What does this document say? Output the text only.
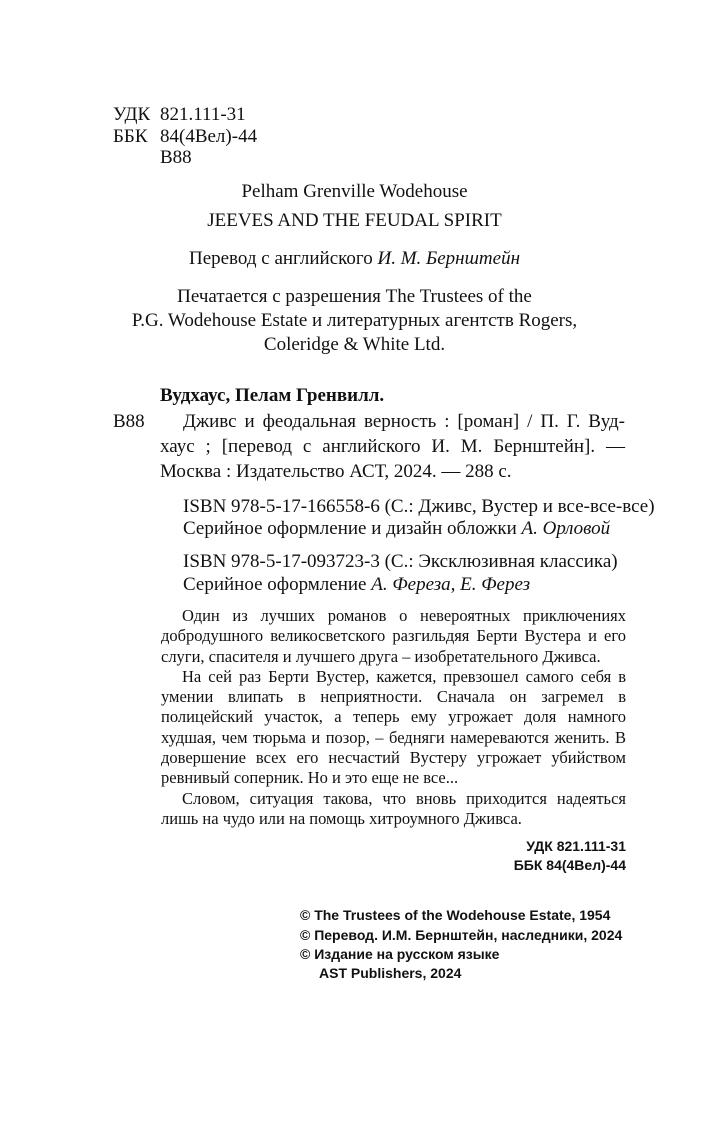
УДК 821.111-31
ББК 84(4Вел)-44
В88
Pelham Grenville Wodehouse
JEEVES AND THE FEUDAL SPIRIT
Перевод с английского И. М. Бернштейн
Печатается с разрешения The Trustees of the
P.G. Wodehouse Estate и литературных агентств Rogers,
Coleridge & White Ltd.
Вудхаус, Пелам Гренвилл.
В88 Дживс и феодальная верность : [роман] / П. Г. Вуд-
хаус ; [перевод с английского И. М. Бернштейн]. —
Москва : Издательство АСТ, 2024. — 288 с.
ISBN 978-5-17-166558-6 (С.: Дживс, Вустер и все-все-все)
Серийное оформление и дизайн обложки А. Орловой
ISBN 978-5-17-093723-3 (С.: Эксклюзивная классика)
Серийное оформление А. Фереза, Е. Ферез

Один из лучших романов о невероятных приключениях добродушного великосветского разгильдяя Берти Вустера и его слуги, спасителя и лучшего друга – изобретательного Дживса.

На сей раз Берти Вустер, кажется, превзошел самого себя в умении влипать в неприятности. Сначала он загремел в полицейский участок, а теперь ему угрожает доля намного худшая, чем тюрьма и позор, – бедняги намереваются женить. В довершение всех его несчастий Вустеру угрожает убийством ревнивый соперник. Но и это еще не все...

Словом, ситуация такова, что вновь приходится надеяться лишь на чудо или на помощь хитроумного Дживса.

УДК 821.111-31
ББК 84(4Вел)-44
© The Trustees of the Wodehouse Estate, 1954
© Перевод. И.М. Бернштейн, наследники, 2024
© Издание на русском языке
AST Publishers, 2024
